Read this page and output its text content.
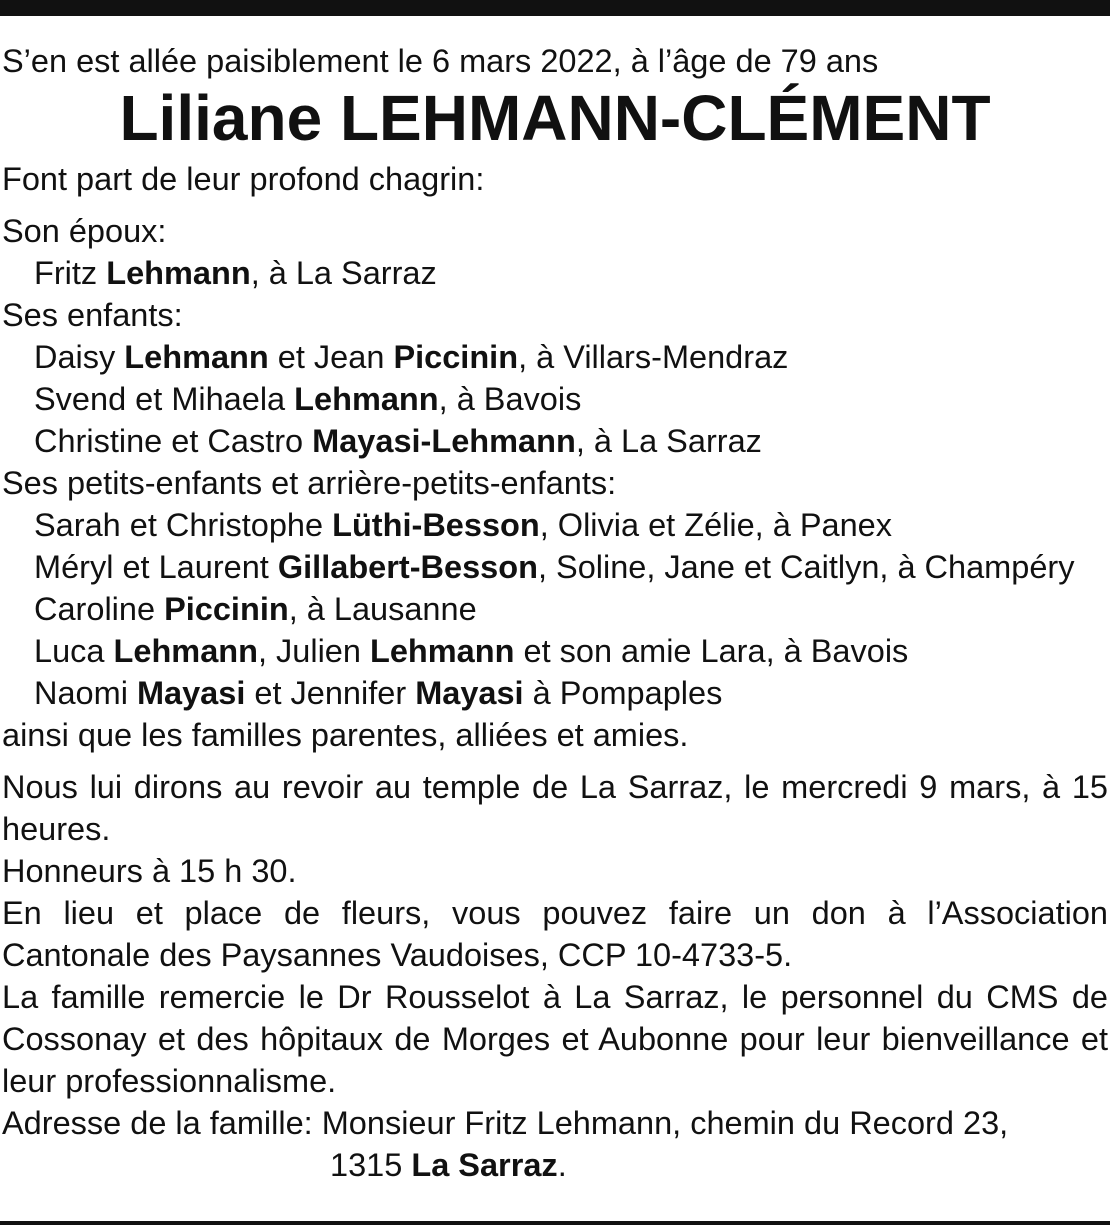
S’en est allée paisiblement le 6 mars 2022, à l’âge de 79 ans

Liliane LEHMANN-CLÉMENT

Font part de leur profond chagrin:

Son époux:

Fritz Lehmann, à La Sarraz

Ses enfants:

Daisy Lehmann et Jean Piccinin, à Villars-Mendraz

Svend et Mihaela Lehmann, à Bavois

Christine et Castro Mayasi-Lehmann, à La Sarraz

Ses petits-enfants et arrière-petits-enfants:

Sarah et Christophe Lüthi-Besson, Olivia et Zélie, à Panex

Méryl et Laurent Gillabert-Besson, Soline, Jane et Caitlyn, à Champéry

Caroline Piccinin, à Lausanne

Luca Lehmann, Julien Lehmann et son amie Lara, à Bavois

Naomi Mayasi et Jennifer Mayasi à Pompaples

ainsi que les familles parentes, alliées et amies.

Nous lui dirons au revoir au temple de La Sarraz, le mercredi 9 mars, à 15 heures.

Honneurs à 15 h 30.

En lieu et place de fleurs, vous pouvez faire un don à l’Association Cantonale des Paysannes Vaudoises, CCP 10-4733-5.

La famille remercie le Dr Rousselot à La Sarraz, le personnel du CMS de Cossonay et des hôpitaux de Morges et Aubonne pour leur bienveillance et leur professionnalisme.

Adresse de la famille: Monsieur Fritz Lehmann, chemin du Record 23,

1315 La Sarraz.
